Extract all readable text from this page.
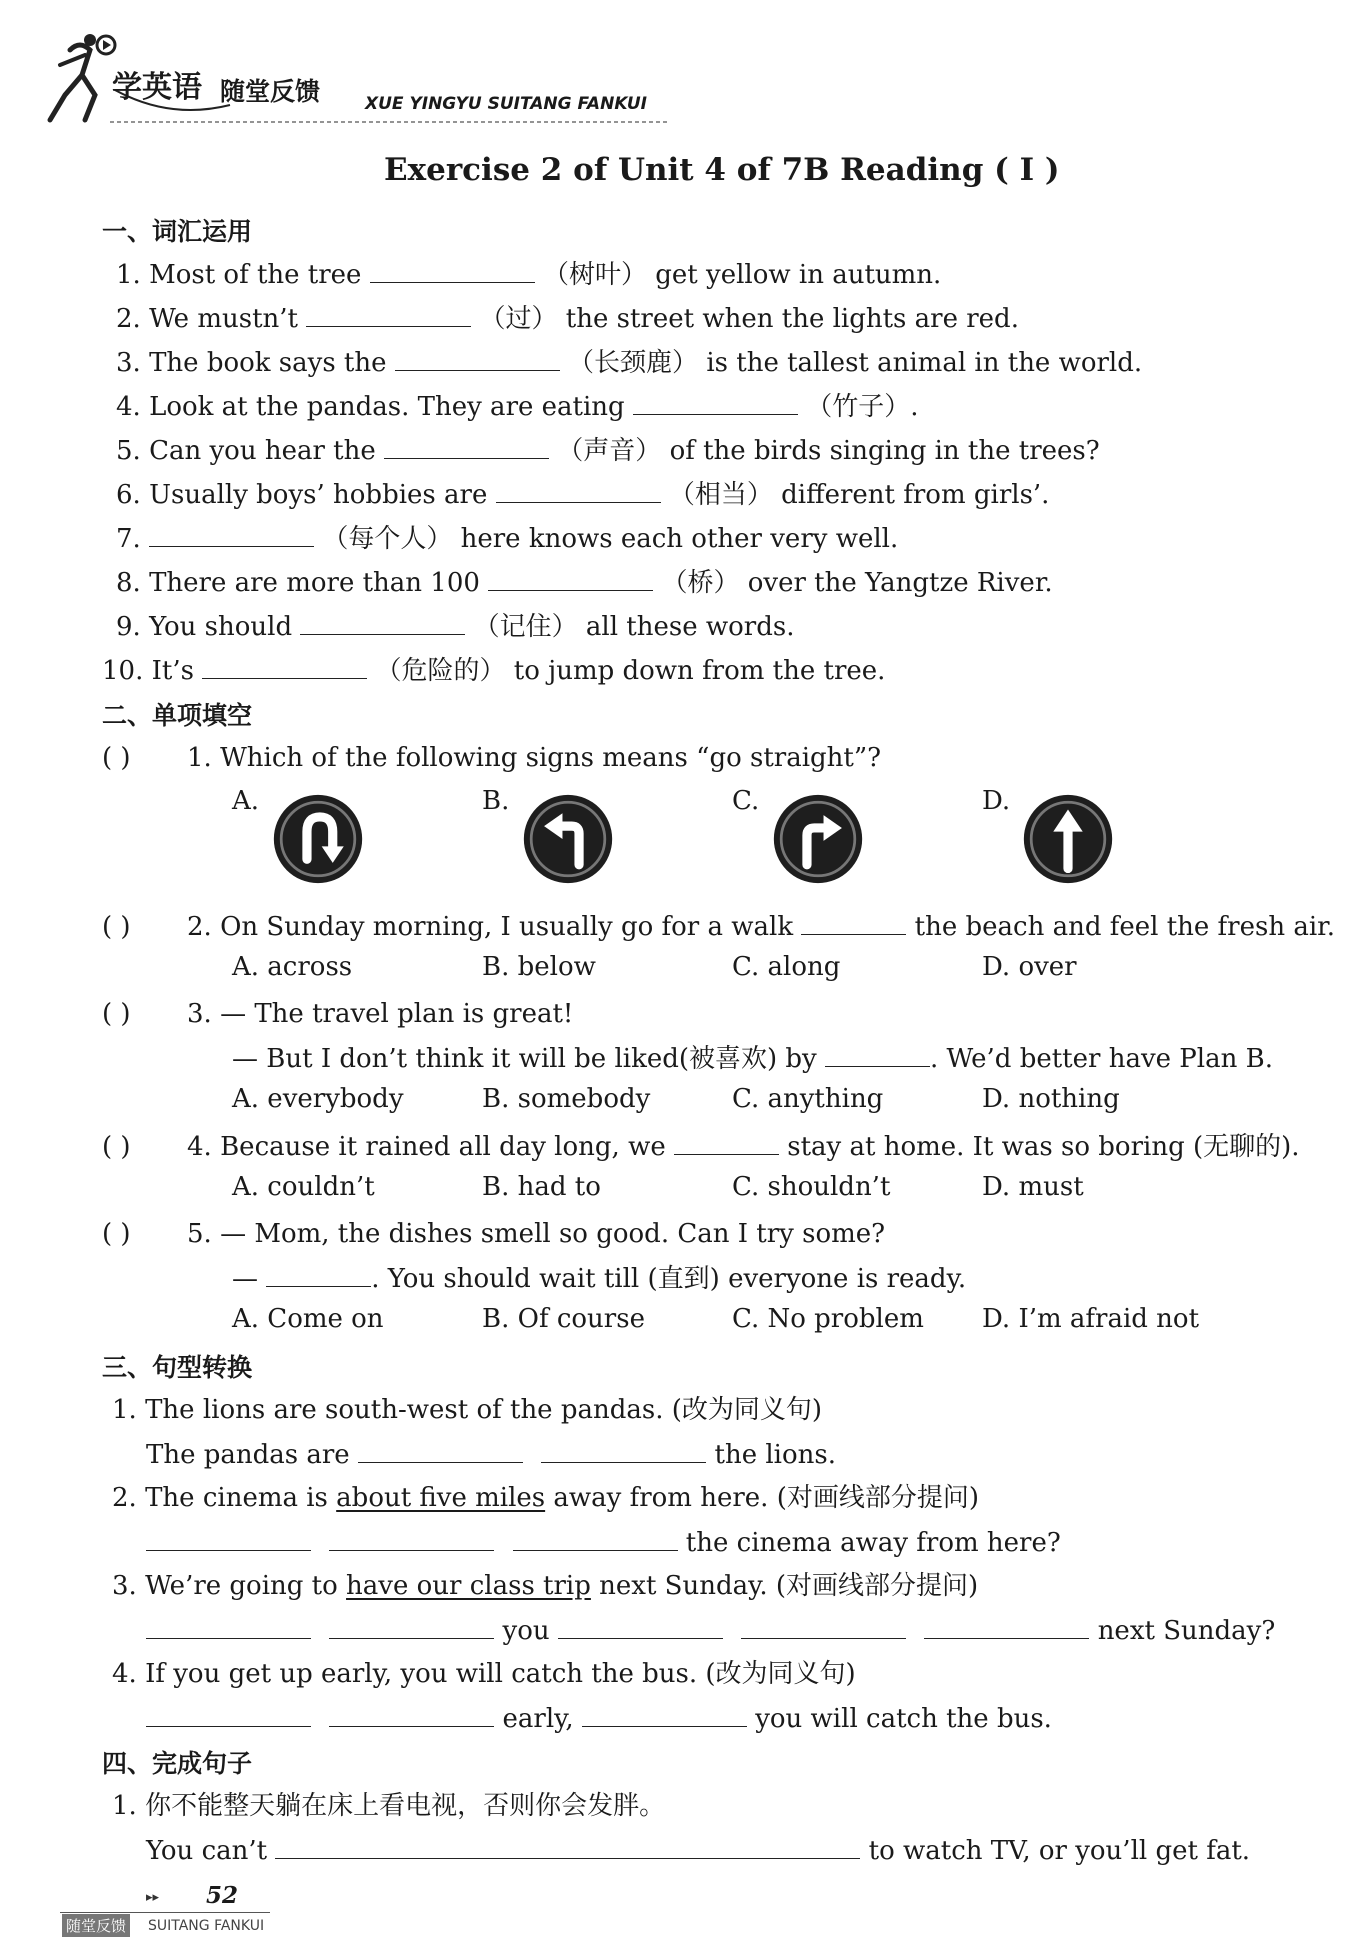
学英语 随堂反馈	XUE YINGYU SUITANG FANKUI
Exercise 2 of Unit 4 of 7B Reading ( Ⅰ )
一、词汇运用
1. Most of the tree	（树叶） get yellow in autumn.
2. We mustn’t	（过） the street when the lights are red.
3. The book says the	（长颈鹿） is the tallest animal in the world.
4. Look at the pandas. They are eating	（竹子）.
5. Can you hear the	（声音） of the birds singing in the trees?
6. Usually boys’ hobbies are	（相当） different from girls’.
7.	（每个人） here knows each other very well.
8. There are more than 100	（桥） over the Yangtze River.
9. You should	（记住） all these words.
10. It’s	（危险的） to jump down from the tree.
二、单项填空
( ) 1. Which of the following signs means “go straight”?
A.	B.	C.	D.
( ) 2. On Sunday morning, I usually go for a walk	the beach and feel the fresh air.
A. across	B. below	C. along	D. over
( ) 3. — The travel plan is great!
— But I don’t think it will be liked(被喜欢) by	. We’d better have Plan B.
A. everybody	B. somebody	C. anything	D. nothing
( ) 4. Because it rained all day long, we	stay at home. It was so boring (无聊的).
A. couldn’t	B. had to	C. shouldn’t	D. must
( ) 5. — Mom, the dishes smell so good. Can I try some?
—	. You should wait till (直到) everyone is ready.
A. Come on	B. Of course	C. No problem D. I’m afraid not
三、句型转换
1. The lions are south-west of the pandas. (改为同义句)
The pandas are	the lions.
2. The cinema is about five miles away from here. (对画线部分提问)
the cinema away from here?
3. We’re going to have our class trip next Sunday. (对画线部分提问)
you	next Sunday?
4. If you get up early, you will catch the bus. (改为同义句)
early,	you will catch the bus.
四、完成句子
1. 你不能整天躺在床上看电视，否则你会发胖。
You can’t	to watch TV, or you’ll get fat.
▸▸ 52
随堂反馈 SUITANG FANKUI
